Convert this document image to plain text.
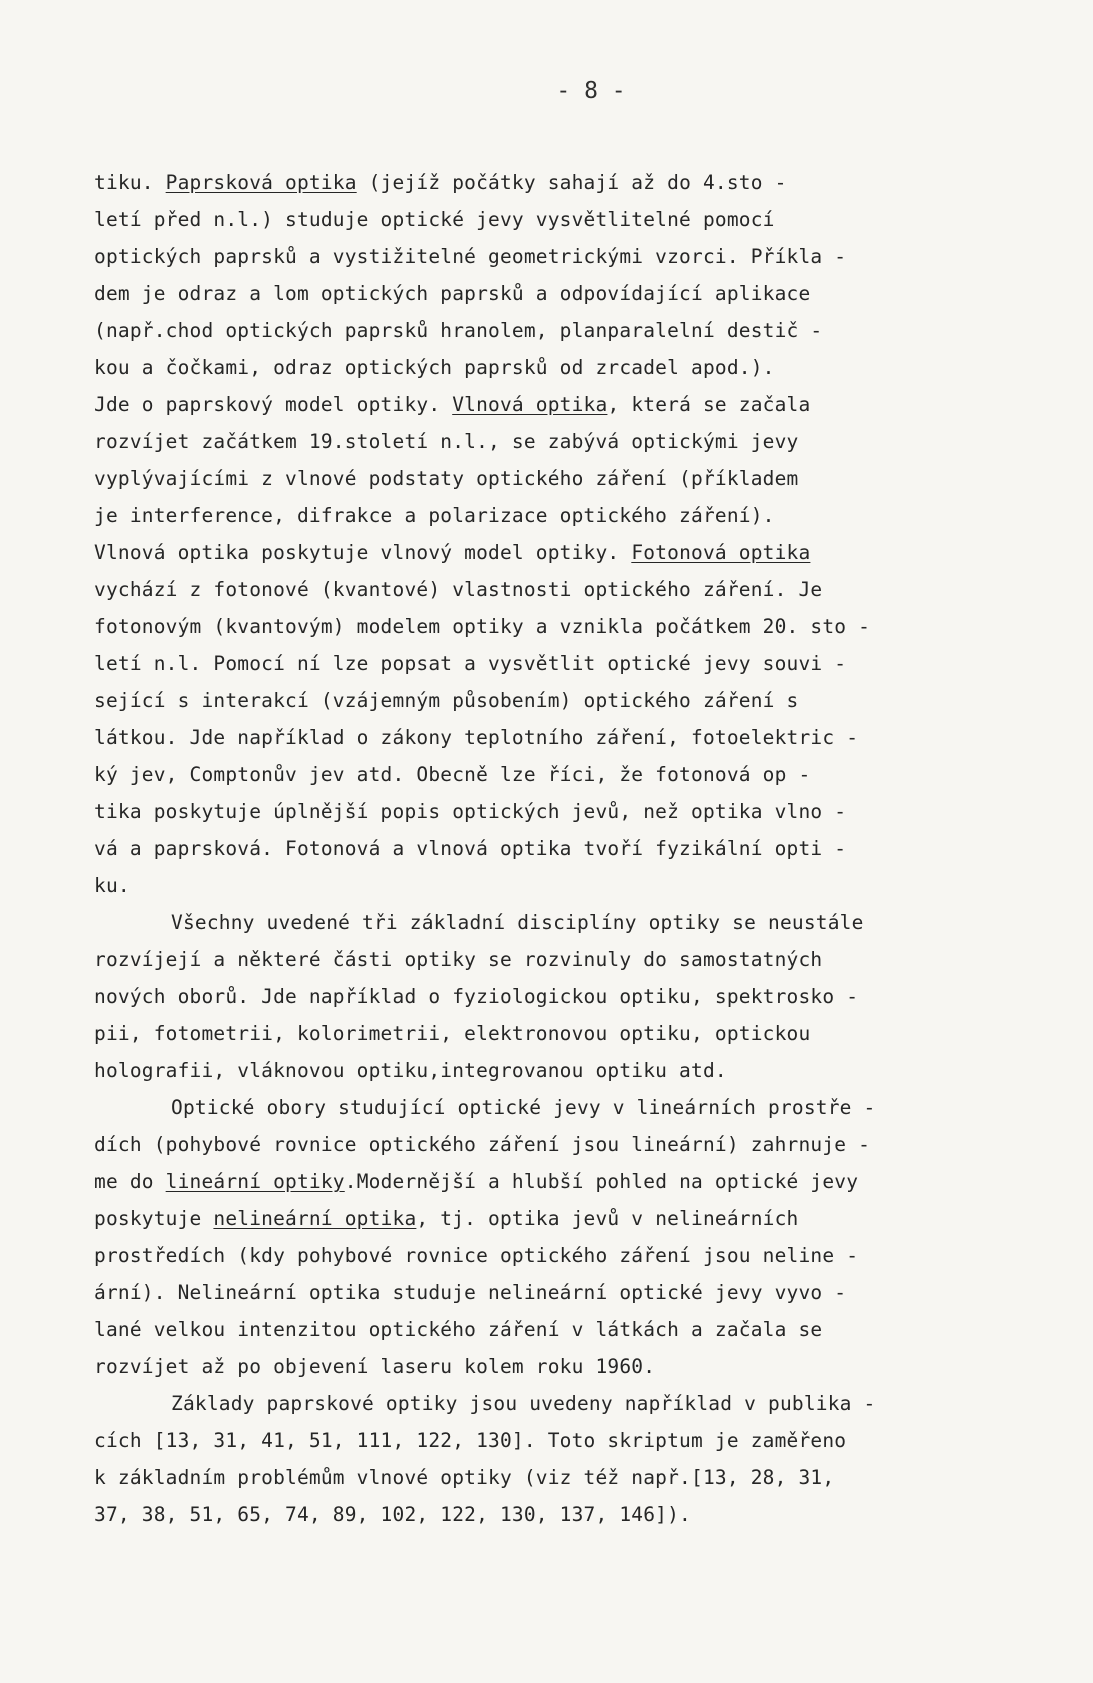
- 8 -
tiku. Paprsková optika (jejíž počátky sahají až do 4.sto -
letí před n.l.) studuje optické jevy vysvětlitelné pomocí
optických paprsků a vystižitelné geometrickými vzorci. Příkla -
dem je odraz a lom optických paprsků a odpovídající aplikace
(např.chod optických paprsků hranolem, planparalelní destič -
kou a čočkami, odraz optických paprsků od zrcadel apod.).
Jde o paprskový model optiky. Vlnová optika, která se začala
rozvíjet začátkem 19.století n.l., se zabývá optickými jevy
vyplývajícími z vlnové podstaty optického záření (příkladem
je interference, difrakce a polarizace optického záření).
Vlnová optika poskytuje vlnový model optiky. Fotonová optika
vychází z fotonové (kvantové) vlastnosti optického záření. Je
fotonovým (kvantovým) modelem optiky a vznikla počátkem 20. sto -
letí n.l. Pomocí ní lze popsat a vysvětlit optické jevy souvi -
sející s interakcí (vzájemným působením) optického záření s
látkou. Jde například o zákony teplotního záření, fotoelektric -
ký jev, Comptonův jev atd. Obecně lze říci, že fotonová op -
tika poskytuje úplnější popis optických jevů, než optika vlno -
vá a paprsková. Fotonová a vlnová optika tvoří fyzikální opti -
ku.
Všechny uvedené tři základní disciplíny optiky se neustále
rozvíjejí a některé části optiky se rozvinuly do samostatných
nových oborů. Jde například o fyziologickou optiku, spektrosko -
pii, fotometrii, kolorimetrii, elektronovou optiku, optickou
holografii, vláknovou optiku,integrovanou optiku atd.
Optické obory studující optické jevy v lineárních prostře -
dích (pohybové rovnice optického záření jsou lineární) zahrnuje -
me do lineární optiky.Modernější a hlubší pohled na optické jevy
poskytuje nelineární optika, tj. optika jevů v nelineárních
prostředích (kdy pohybové rovnice optického záření jsou neline -
ární). Nelineární optika studuje nelineární optické jevy vyvo -
lané velkou intenzitou optického záření v látkách a začala se
rozvíjet až po objevení laseru kolem roku 1960.
Základy paprskové optiky jsou uvedeny například v publika -
cích [13, 31, 41, 51, 111, 122, 130]. Toto skriptum je zaměřeno
k základním problémům vlnové optiky (viz též např.[13, 28, 31,
37, 38, 51, 65, 74, 89, 102, 122, 130, 137, 146]).
